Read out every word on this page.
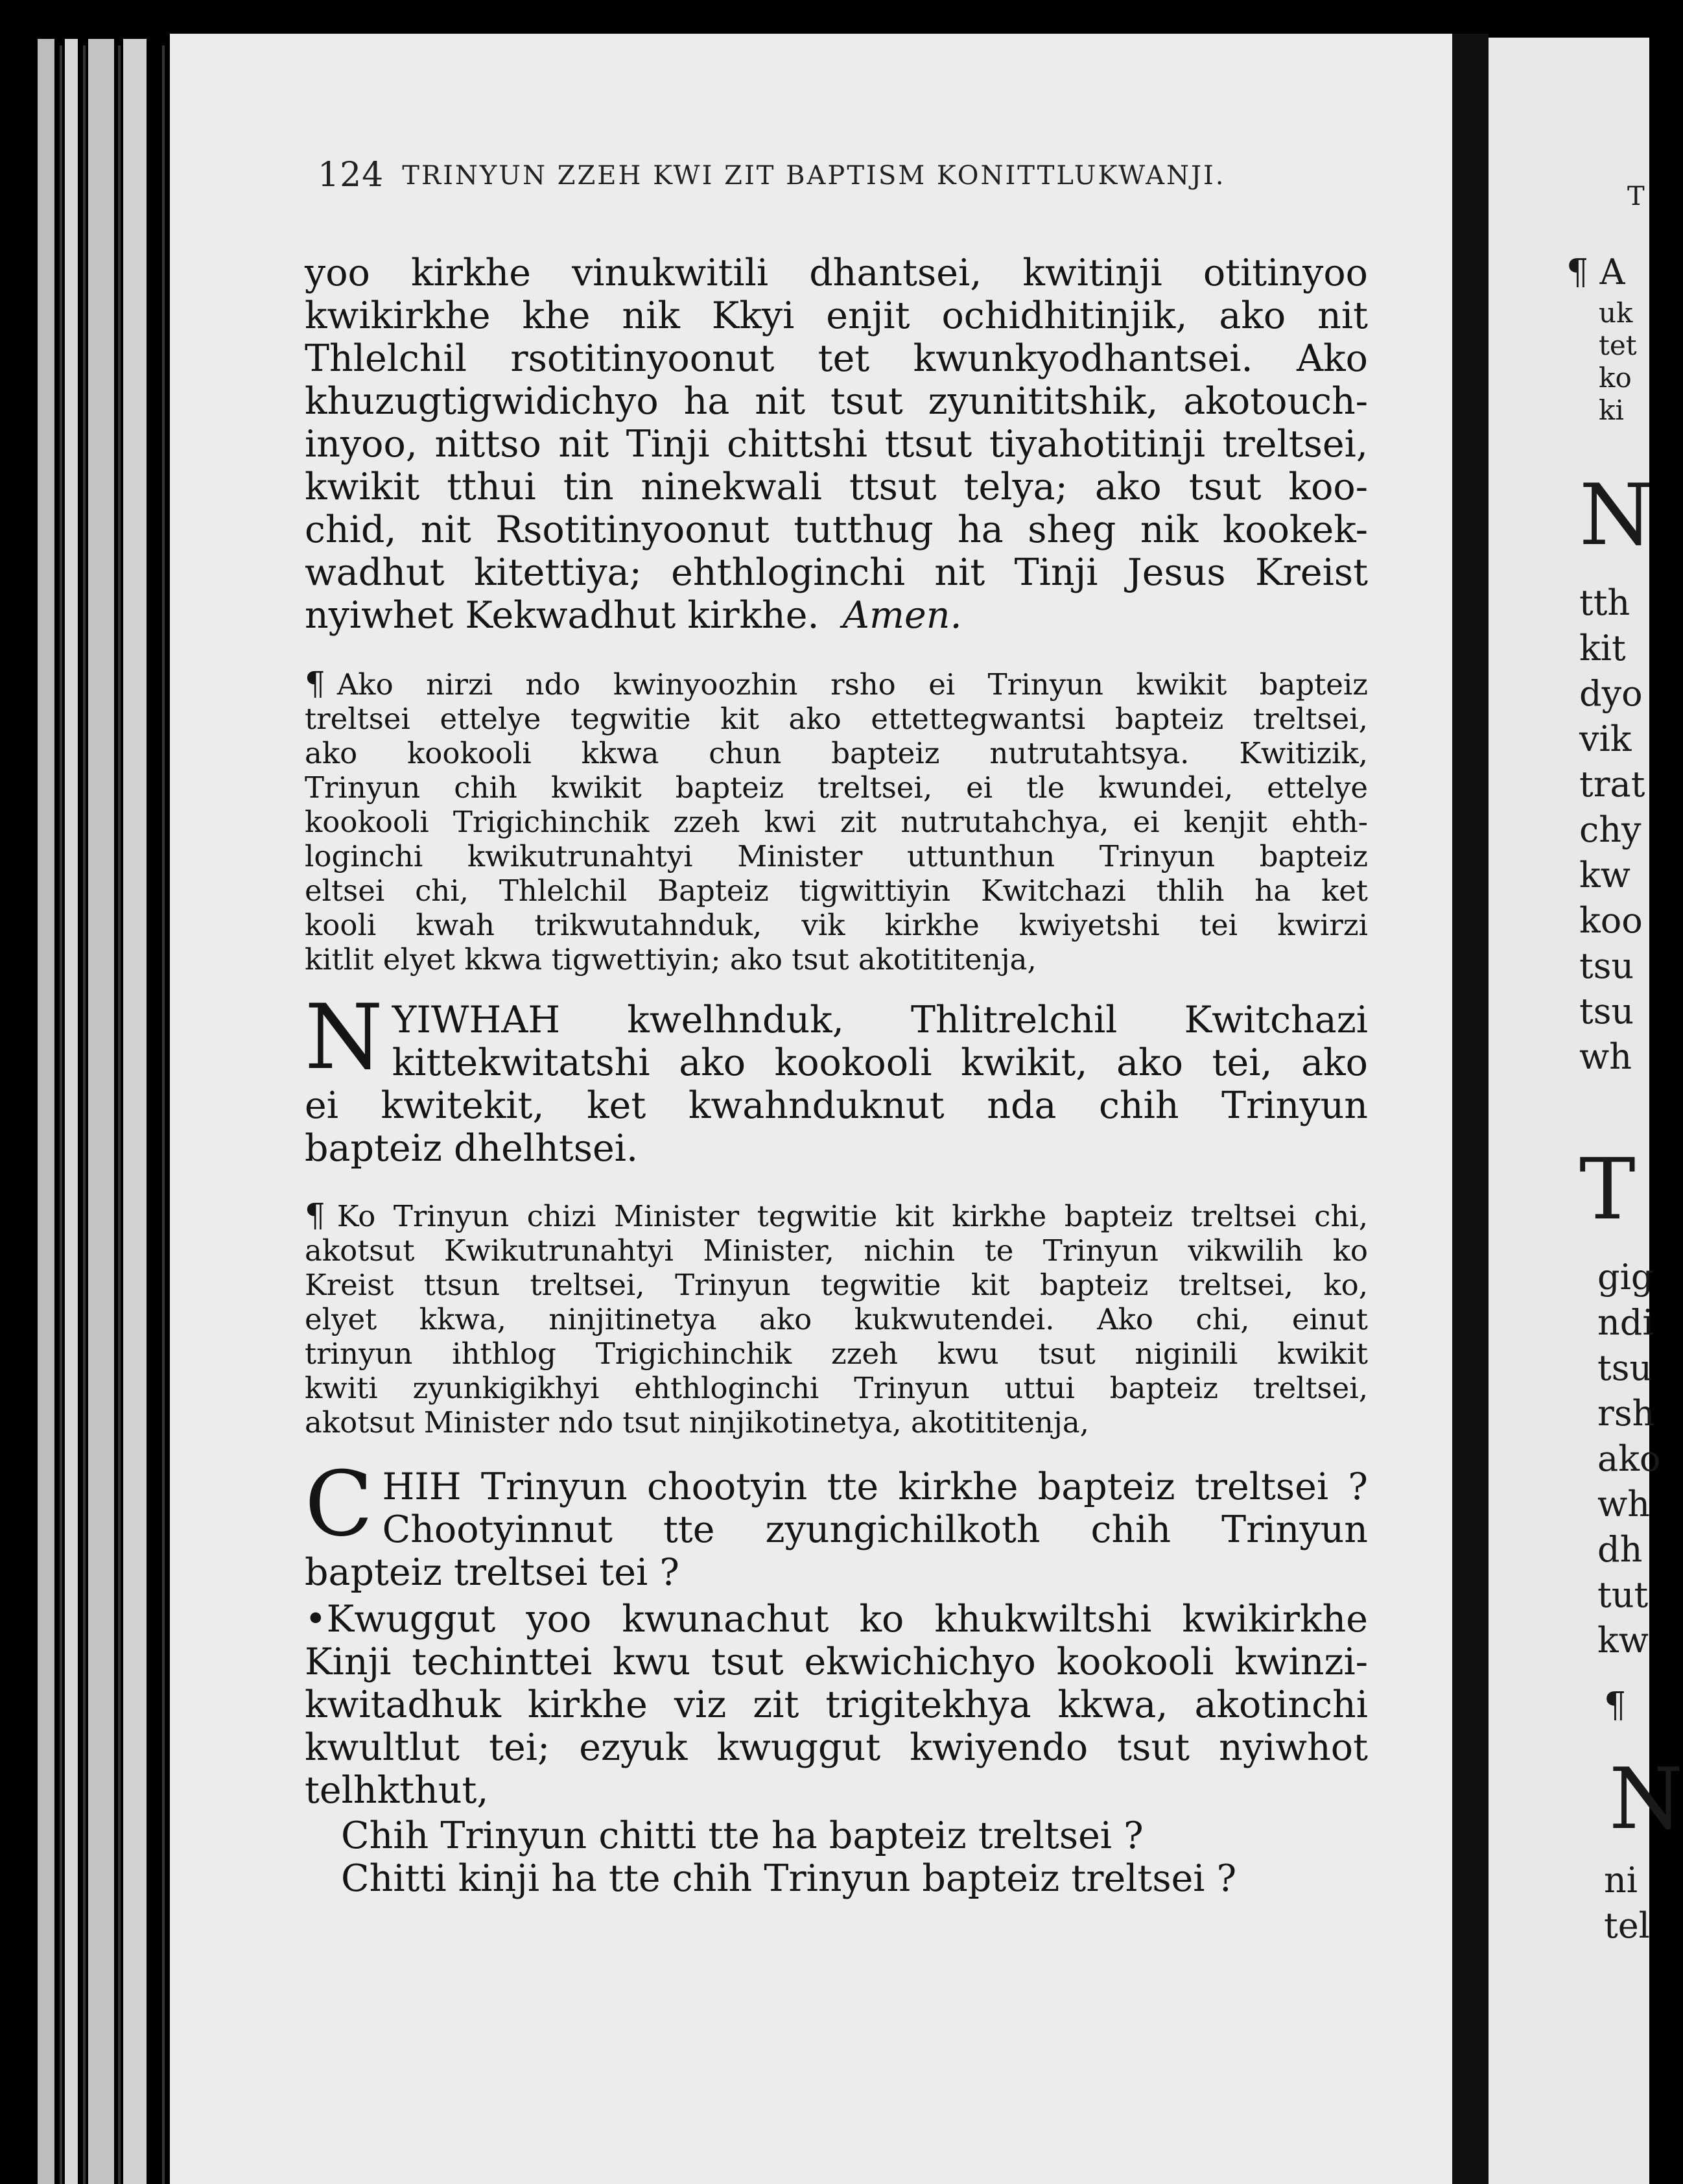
124 TRINYUN ZZEH KWI ZIT BAPTISM KONITTLUKWANJI.
yoo kirkhe vinukwitili dhantsei, kwitinji otitinyoo
kwikirkhe khe nik Kkyi enjit ochidhitinjik, ako nit
Thlelchil rsotitinyoonut tet kwunkyodhantsei. Ako
khuzugtigwidichyo ha nit tsut zyunititshik, akotouch-
inyoo, nittso nit Tinji chittshi ttsut tiyahotitinji treltsei,
kwikit tthui tin ninekwali ttsut telya; ako tsut koo-
chid, nit Rsotitinyoonut tutthug ha sheg nik kookek-
wadhut kitettiya; ehthloginchi nit Tinji Jesus Kreist
nyiwhet Kekwadhut kirkhe. Amen.
¶ Ako nirzi ndo kwinyoozhin rsho ei Trinyun kwikit bapteiz
treltsei ettelye tegwitie kit ako ettettegwantsi bapteiz treltsei,
ako kookooli kkwa chun bapteiz nutrutahtsya. Kwitizik,
Trinyun chih kwikit bapteiz treltsei, ei tle kwundei, ettelye
kookooli Trigichinchik zzeh kwi zit nutrutahchya, ei kenjit ehth-
loginchi kwikutrunahtyi Minister uttunthun Trinyun bapteiz
eltsei chi, Thlelchil Bapteiz tigwittiyin Kwitchazi thlih ha ket
kooli kwah trikwutahnduk, vik kirkhe kwiyetshi tei kwirzi
kitlit elyet kkwa tigwettiyin; ako tsut akotititenja,
N YIWHAH kwelhnduk, Thlitrelchil Kwitchazi
kittekwitatshi ako kookooli kwikit, ako tei, ako
ei kwitekit, ket kwahnduknut nda chih Trinyun
bapteiz dhelhtsei.
¶ Ko Trinyun chizi Minister tegwitie kit kirkhe bapteiz treltsei chi,
akotsut Kwikutrunahtyi Minister, nichin te Trinyun vikwilih ko
Kreist ttsun treltsei, Trinyun tegwitie kit bapteiz treltsei, ko,
elyet kkwa, ninjitinetya ako kukwutendei. Ako chi, einut
trinyun ihthlog Trigichinchik zzeh kwu tsut niginili kwikit
kwiti zyunkigikhyi ehthloginchi Trinyun uttui bapteiz treltsei,
akotsut Minister ndo tsut ninjikotinetya, akotititenja,
C HIH Trinyun chootyin tte kirkhe bapteiz treltsei ?
Chootyinnut tte zyungichilkoth chih Trinyun
bapteiz treltsei tei ?
•Kwuggut yoo kwunachut ko khukwiltshi kwikirkhe
Kinji techinttei kwu tsut ekwichichyo kookooli kwinzi-
kwitadhuk kirkhe viz zit trigitekhya kkwa, akotinchi
kwultlut tei; ezyuk kwuggut kwiyendo tsut nyiwhot
telhkthut,
Chih Trinyun chitti tte ha bapteiz treltsei ?
Chitti kinji ha tte chih Trinyun bapteiz treltsei ?
T
¶ A
uk
tet
ko
ki
N
tth
kit
dyo
vik
trat
chy
kw
koo
tsu
tsu
wh
T
gig
ndi
tsu
rsh
ako
wh
dh
tut
kw
¶
N
ni
tel
